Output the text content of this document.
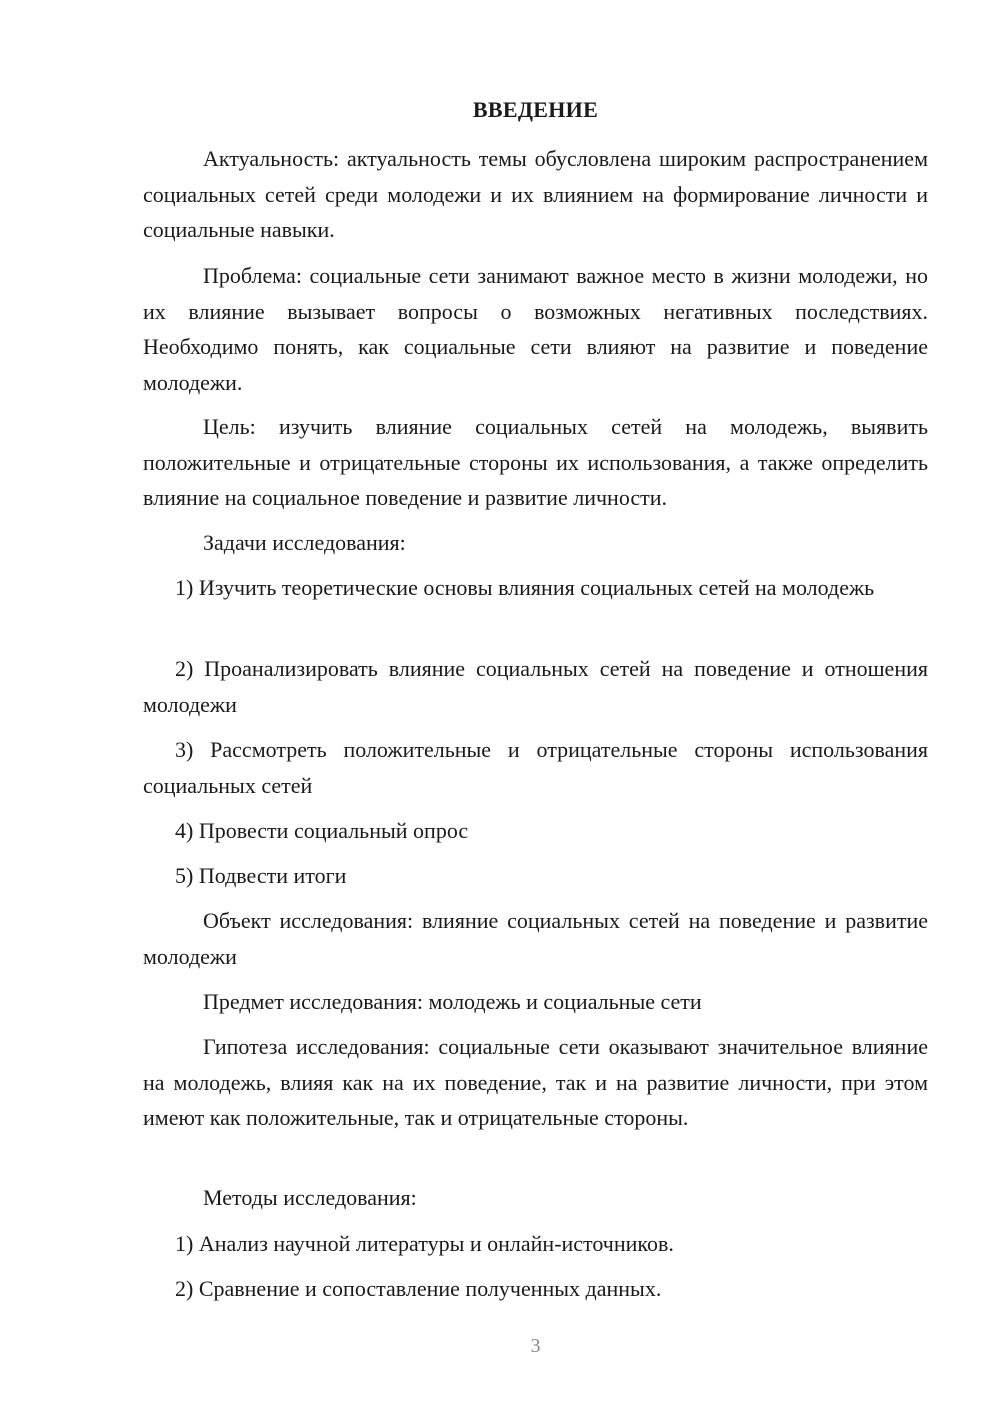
ВВЕДЕНИЕ
Актуальность: актуальность темы обусловлена широким распространением социальных сетей среди молодежи и их влиянием на формирование личности и социальные навыки.
Проблема: социальные сети занимают важное место в жизни молодежи, но их влияние вызывает вопросы о возможных негативных последствиях. Необходимо понять, как социальные сети влияют на развитие и поведение молодежи.
Цель: изучить влияние социальных сетей на молодежь, выявить положительные и отрицательные стороны их использования, а также определить влияние на социальное поведение и развитие личности.
Задачи исследования:
1) Изучить теоретические основы влияния социальных сетей на молодежь
2) Проанализировать влияние социальных сетей на поведение и отношения молодежи
3) Рассмотреть положительные и отрицательные стороны использования социальных сетей
4) Провести социальный опрос
5) Подвести итоги
Объект исследования: влияние социальных сетей на поведение и развитие молодежи
Предмет исследования: молодежь и социальные сети
Гипотеза исследования: социальные сети оказывают значительное влияние на молодежь, влияя как на их поведение, так и на развитие личности, при этом имеют как положительные, так и отрицательные стороны.
Методы исследования:
1) Анализ научной литературы и онлайн-источников.
2) Сравнение и сопоставление полученных данных.
3
